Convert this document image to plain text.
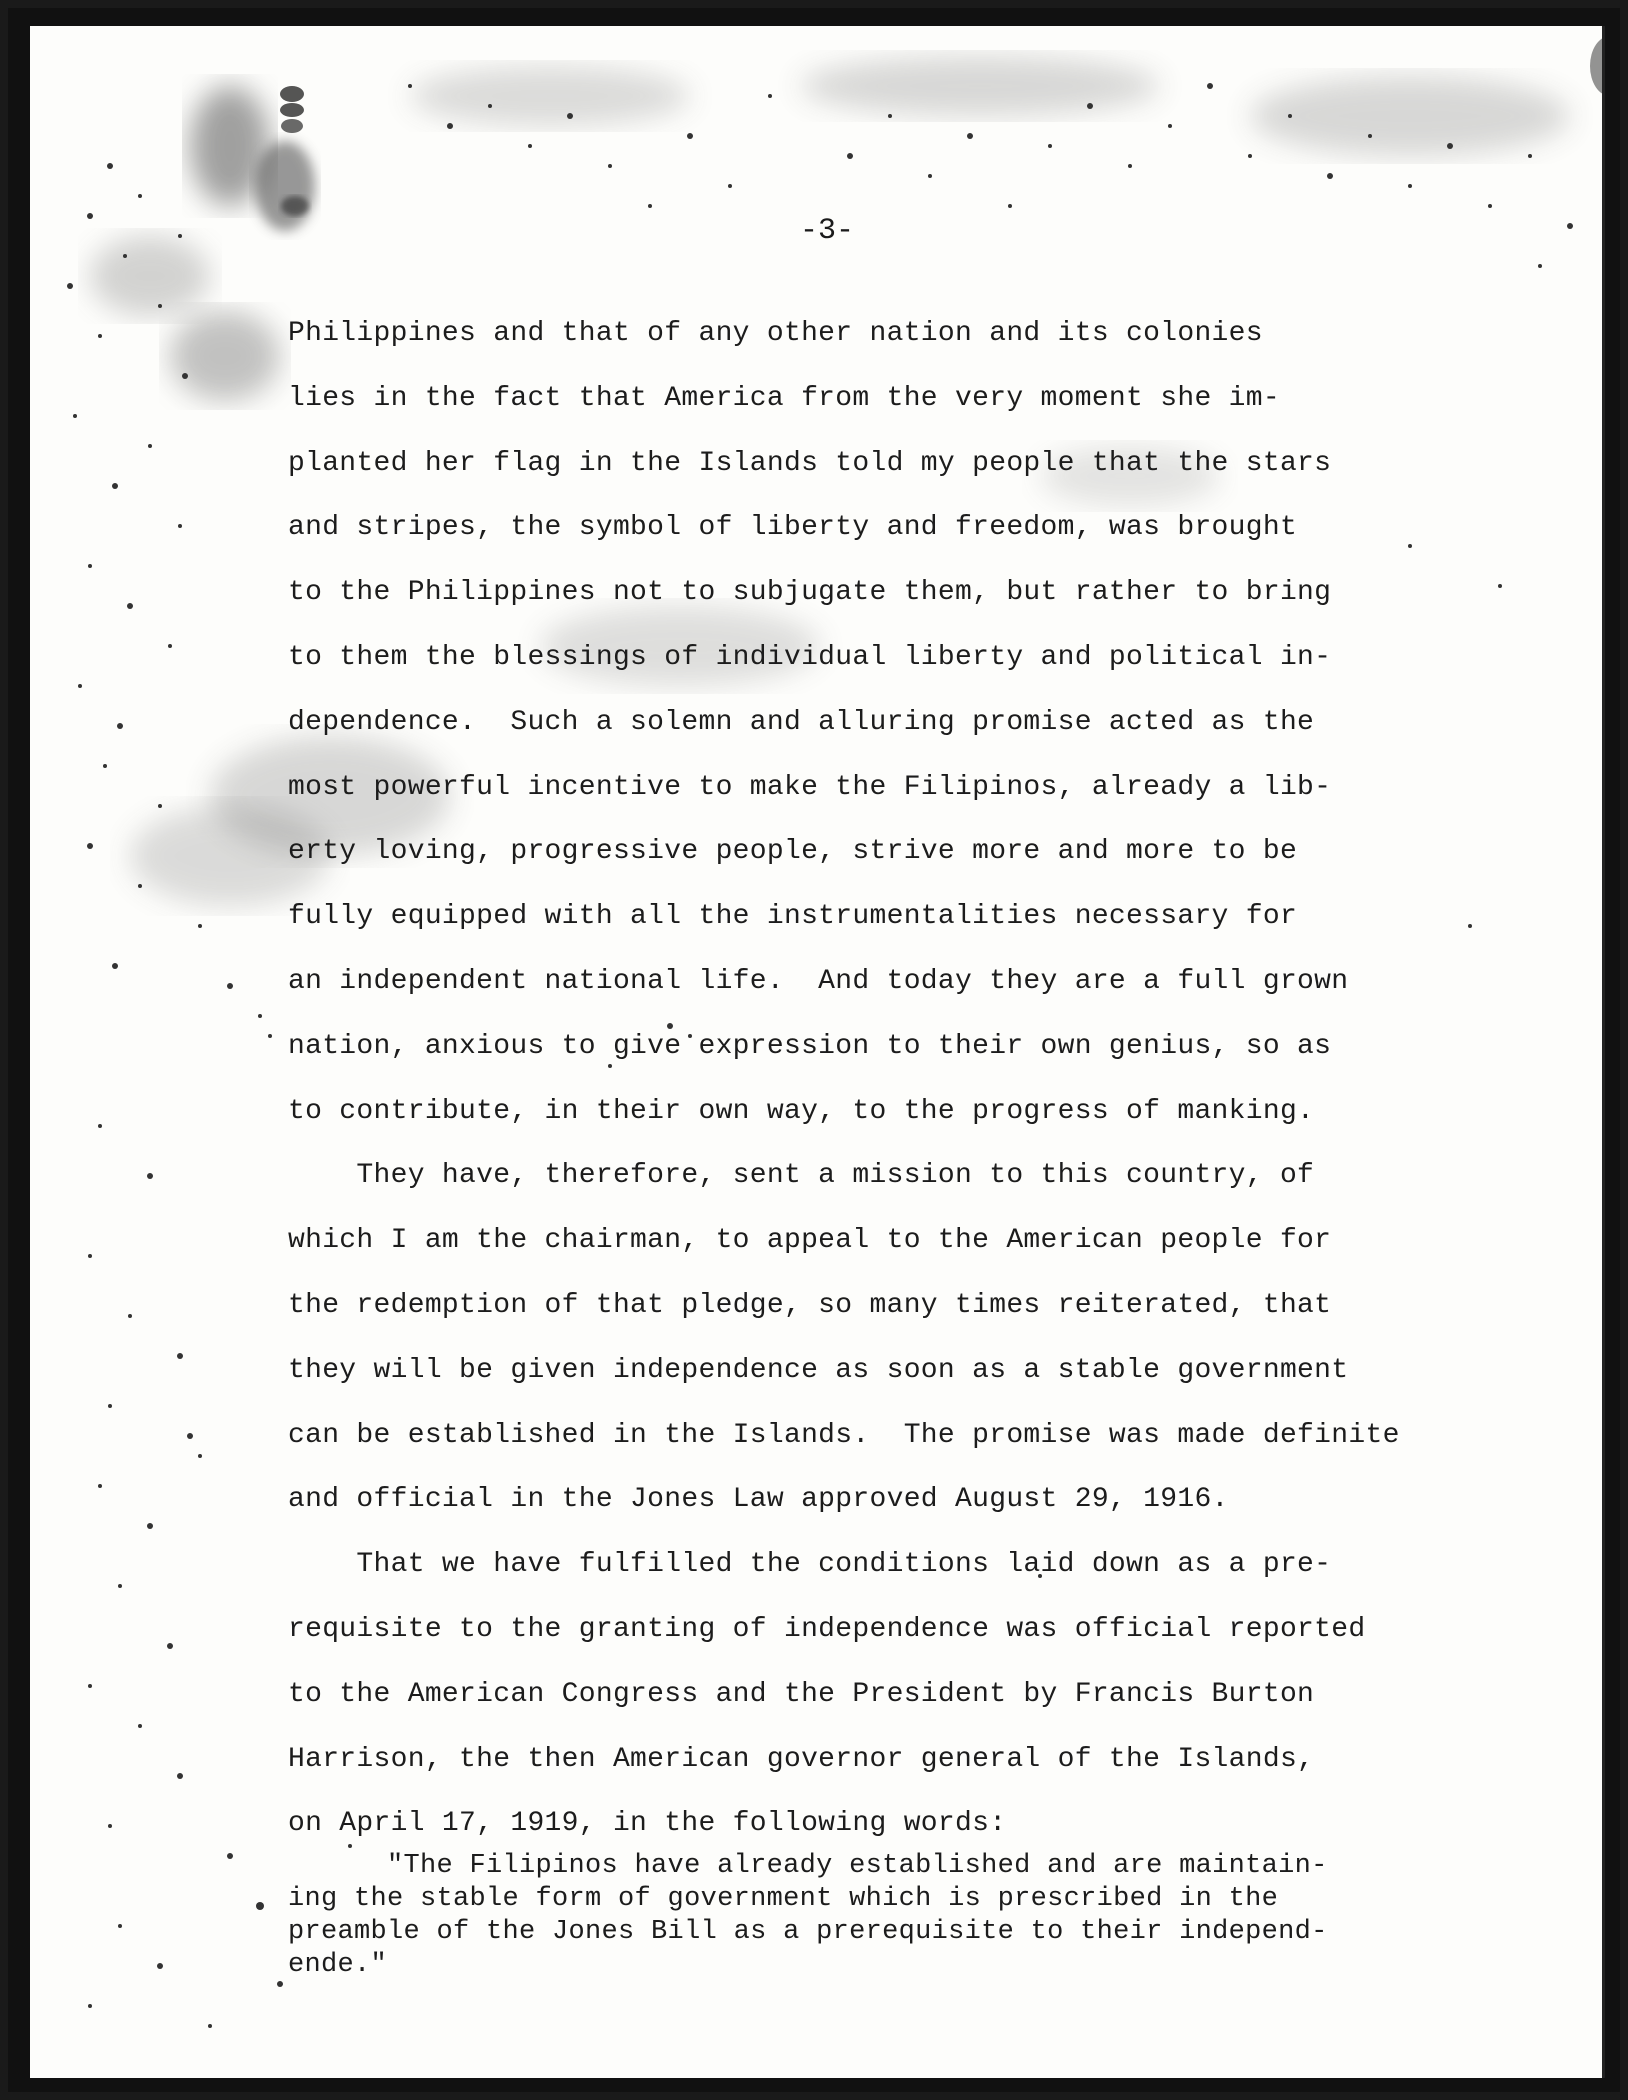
-3-
Philippines and that of any other nation and its colonies
lies in the fact that America from the very moment she im-
planted her flag in the Islands told my people that the stars
and stripes, the symbol of liberty and freedom, was brought
to the Philippines not to subjugate them, but rather to bring
to them the blessings of individual liberty and political in-
dependence.  Such a solemn and alluring promise acted as the
most powerful incentive to make the Filipinos, already a lib-
erty loving, progressive people, strive more and more to be
fully equipped with all the instrumentalities necessary for
an independent national life.  And today they are a full grown
nation, anxious to give expression to their own genius, so as
to contribute, in their own way, to the progress of manking.
They have, therefore, sent a mission to this country, of
which I am the chairman, to appeal to the American people for
the redemption of that pledge, so many times reiterated, that
they will be given independence as soon as a stable government
can be established in the Islands.  The promise was made definite
and official in the Jones Law approved August 29, 1916.
That we have fulfilled the conditions laid down as a pre-
requisite to the granting of independence was official reported
to the American Congress and the President by Francis Burton
Harrison, the then American governor general of the Islands,
on April 17, 1919, in the following words:
"The Filipinos have already established and are maintain-
ing the stable form of government which is prescribed in the
preamble of the Jones Bill as a prerequisite to their independ-
ende."
